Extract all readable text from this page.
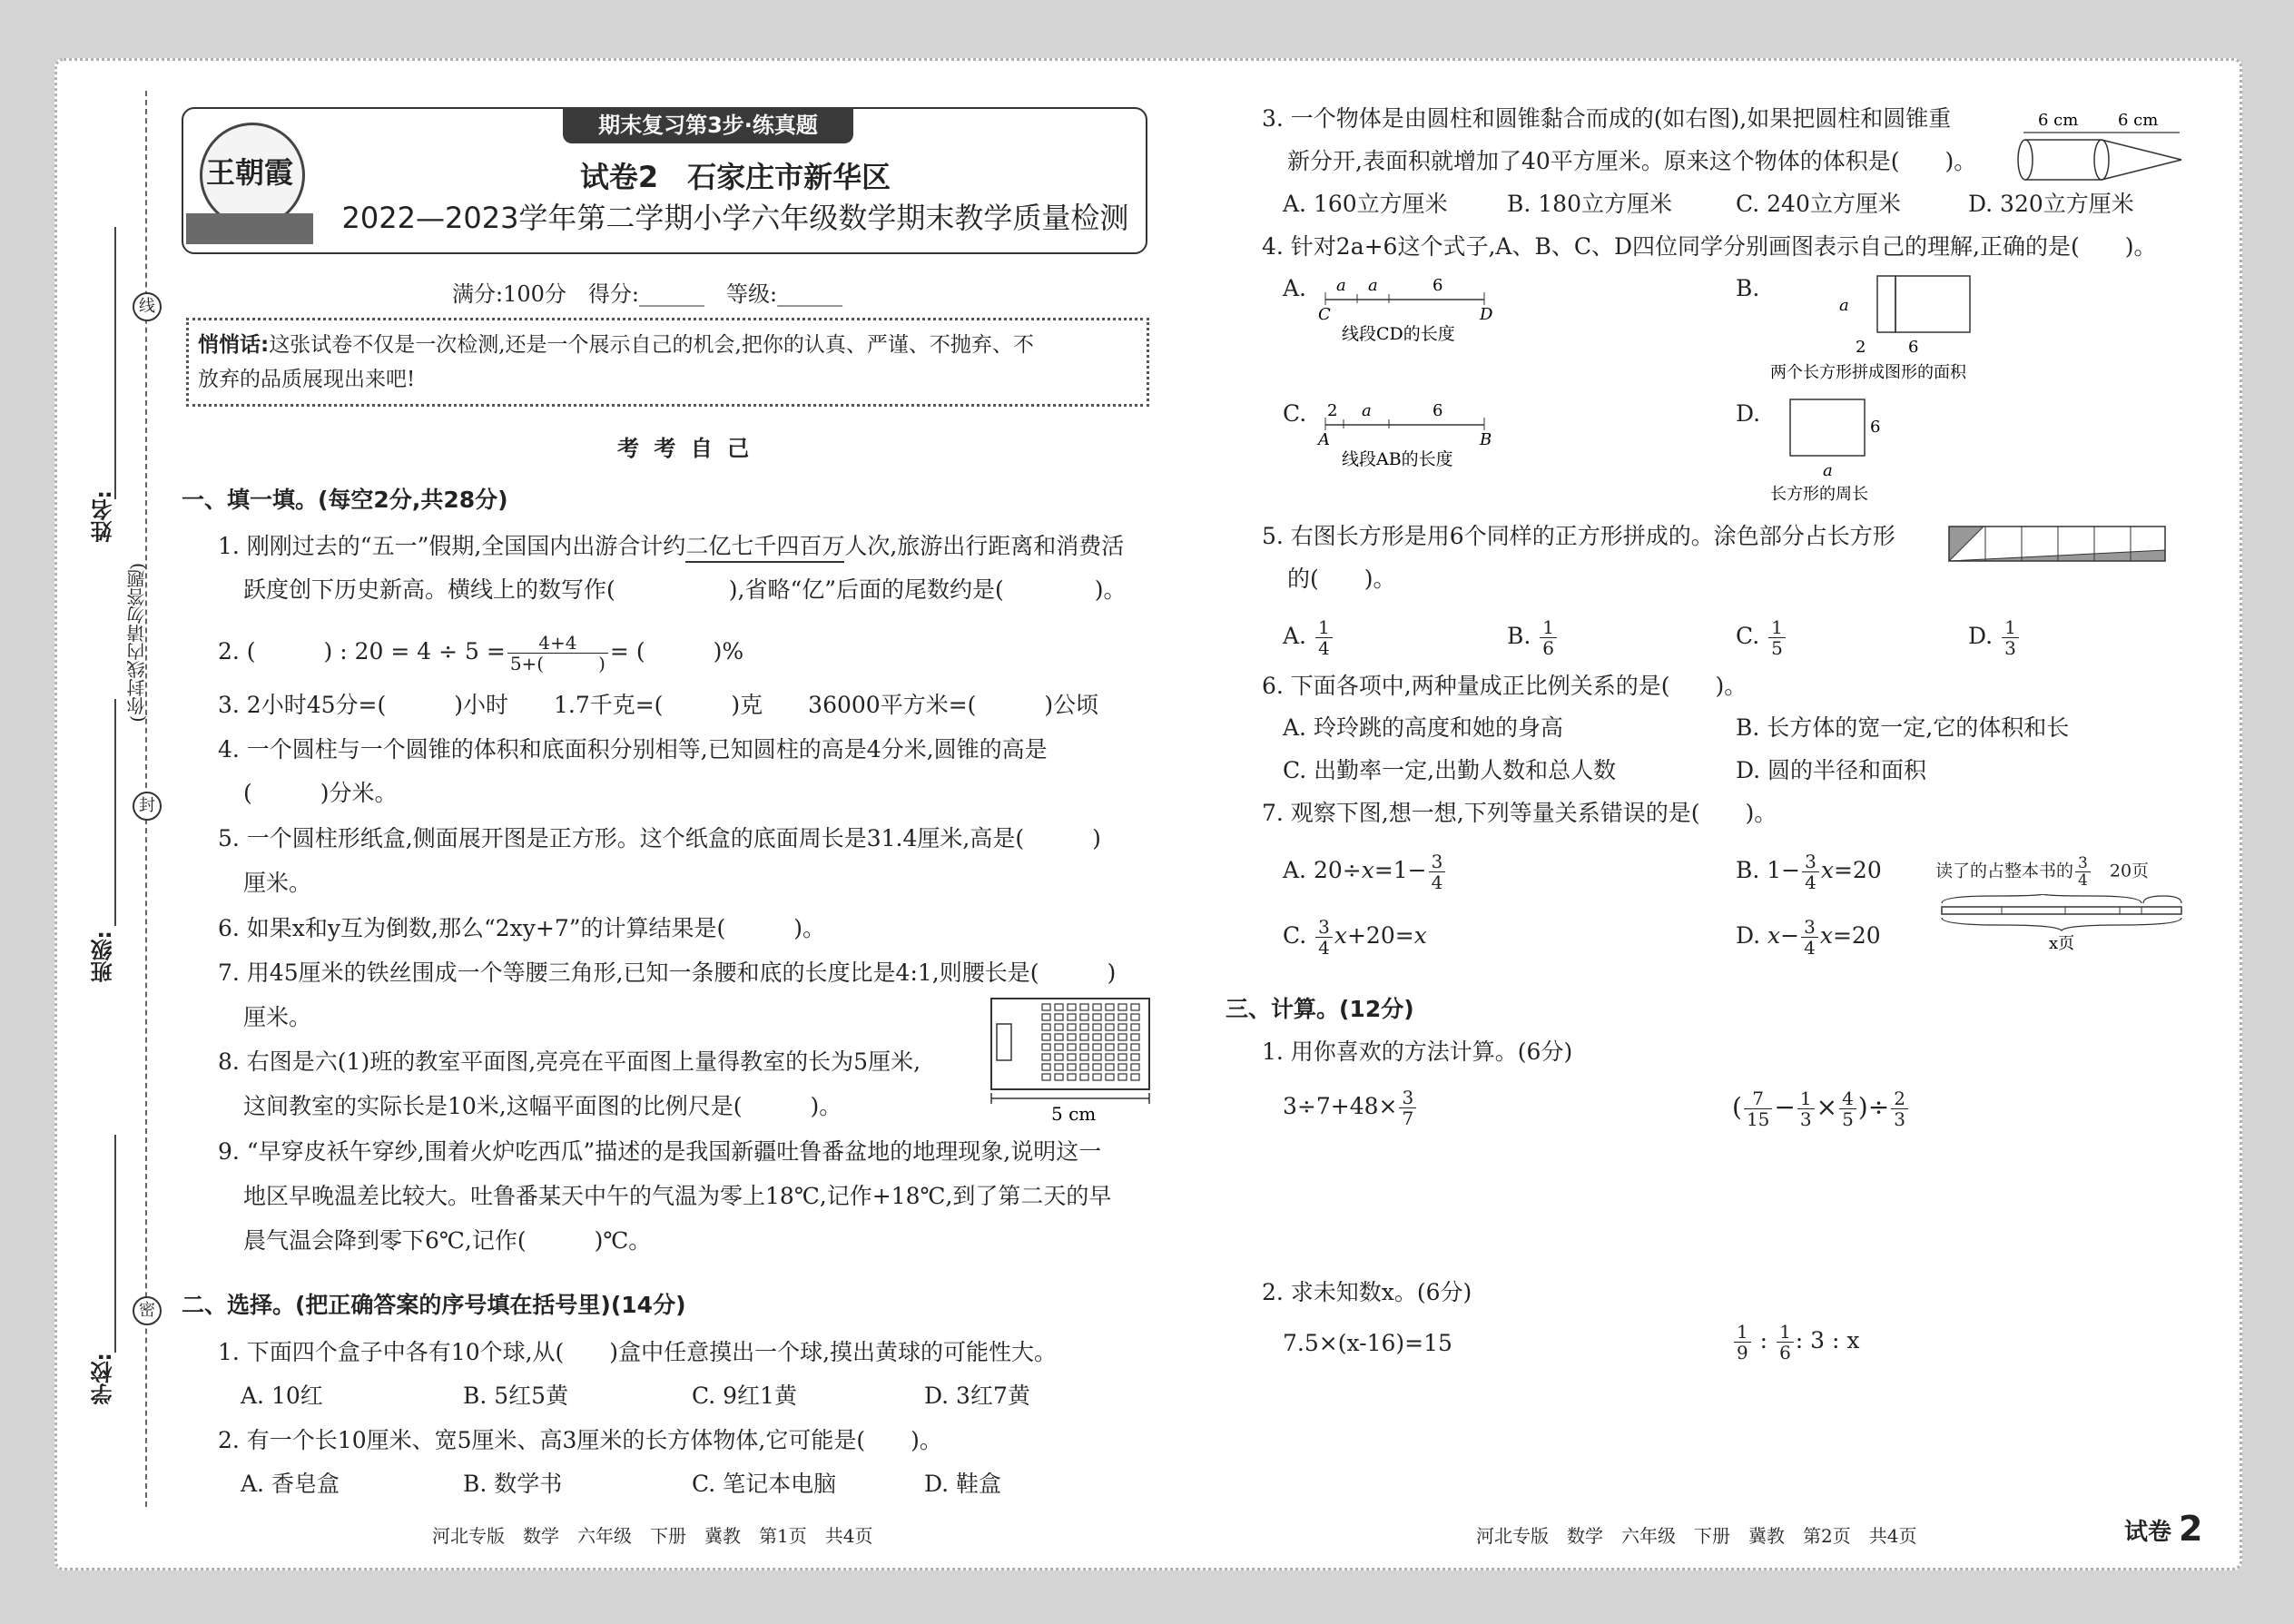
线
封
密
姓名:
班级:
学校:
(你封线内请勿答题)
期末复习第3步·练真题
王朝霞	试卷2　石家庄市新华区
2022—2023学年第二学期小学六年级数学期末教学质量检测
满分:100分　得分:______　等级:______
悄悄话:这张试卷不仅是一次检测,还是一个展示自己的机会,把你的认真、严谨、不抛弃、不
放弃的品质展现出来吧!
考 考 自 己
一、填一填。(每空2分,共28分)
1. 刚刚过去的“五一”假期,全国国内出游合计约二亿七千四百万人次,旅游出行距离和消费活
跃度创下历史新高。横线上的数写作(　　　　　),省略“亿”后面的尾数约是(　　　　)。
2. (　　　) : $20 = 4 \div 5 = \frac{4+4}{5+( )}$ = (　　　)%
3. 2小时45分=(　　　)小时　　1.7千克=(　　　)克　　36000平方米=(　　　)公顷
4. 一个圆柱与一个圆锥的体积和底面积分别相等,已知圆柱的高是4分米,圆锥的高是
(　　　)分米。
5. 一个圆柱形纸盒,侧面展开图是正方形。这个纸盒的底面周长是31.4厘米,高是(　　　)
厘米。
6. 如果x和y互为倒数,那么“2xy+7”的计算结果是(　　　)。
7. 用45厘米的铁丝围成一个等腰三角形,已知一条腰和底的长度比是4:1,则腰长是(　　　)
厘米。
8. 右图是六(1)班的教室平面图,亮亮在平面图上量得教室的长为5厘米,
这间教室的实际长是10米,这幅平面图的比例尺是(　　　)。	5 cm
9. “早穿皮袄午穿纱,围着火炉吃西瓜”描述的是我国新疆吐鲁番盆地的地理现象,说明这一
地区早晚温差比较大。吐鲁番某天中午的气温为零上18℃,记作+18℃,到了第二天的早
晨气温会降到零下6℃,记作(　　　)℃。
二、选择。(把正确答案的序号填在括号里)(14分)
1. 下面四个盒子中各有10个球,从(　　)盒中任意摸出一个球,摸出黄球的可能性大。
A. 10红	B. 5红5黄	C. 9红1黄	D. 3红7黄
2. 有一个长10厘米、宽5厘米、高3厘米的长方体物体,它可能是(　　)。
A. 香皂盒	B. 数学书	C. 笔记本电脑	D. 鞋盒
3. 一个物体是由圆柱和圆锥黏合而成的(如右图),如果把圆柱和圆锥重
新分开,表面积就增加了40平方厘米。原来这个物体的体积是(　　)。
6 cm 6 cm
A. 160立方厘米	B. 180立方厘米	C. 240立方厘米	D. 320立方厘米
4. 针对2a+6这个式子,A、B、C、D四位同学分别画图表示自己的理解,正确的是(　　)。
A. a a	6
C	D
线段CD的长度
B.
a
2	6
两个长方形拼成图形的面积
C. 2 a	6
A	B
线段AB的长度
D.
6
a
长方形的周长
5. 右图长方形是用6个同样的正方形拼成的。涂色部分占长方形
的(　　)。
A. $\frac{1}{4}$	B. $\frac{1}{6}$	C. $\frac{1}{5}$	D. $\frac{1}{3}$
6. 下面各项中,两种量成正比例关系的是(　　)。
A. 玲玲跳的高度和她的身高	B. 长方体的宽一定,它的体积和长
C. 出勤率一定,出勤人数和总人数	D. 圆的半径和面积
7. 观察下图,想一想,下列等量关系错误的是(　　)。
A. $20\div x=1- \frac{3}{4}$	B. $1- \frac{3}{4} x=20$
C. $\frac{3}{4} x+20=x$	D. $x- \frac{3}{4} x=20$
读了的占整本书的 $\frac{3}{4}$
　 20页
x页
三、计算。(12分)
1. 用你喜欢的方法计算。(6分)
$3\div 7+48\times \frac{3}{7}$	( $\frac{7}{15} - \frac{1}{3} \times \frac{4}{5}$ )÷ $\frac{2}{3}$
2. 求未知数x。(6分)
7.5×(x-16)=15	$\frac{1}{9}$ : $\frac{1}{6}$ : 3 : x
河北专版　数学　六年级　下册　冀教　第1页　共4页	河北专版　数学　六年级　下册　冀教　第2页　共4页	试卷 2
